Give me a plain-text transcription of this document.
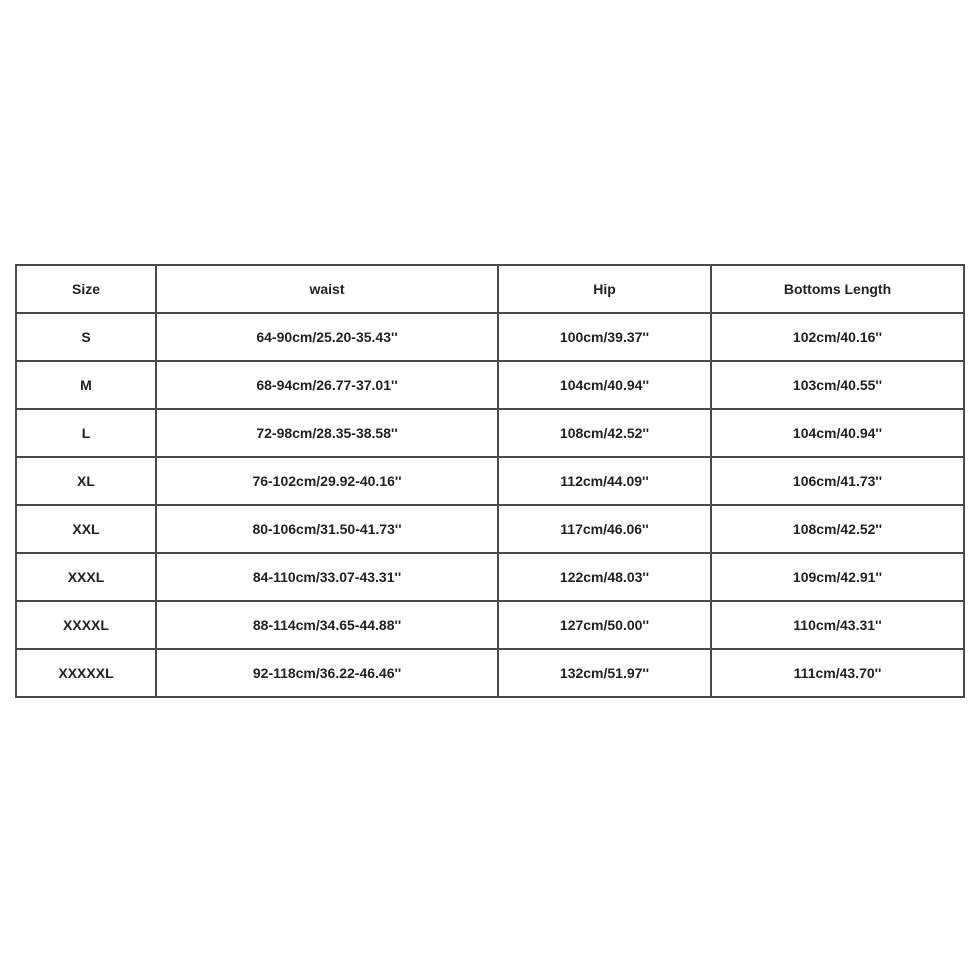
Size	waist	Hip	Bottoms Length
S	64-90cm/25.20-35.43''	100cm/39.37''	102cm/40.16''
M	68-94cm/26.77-37.01''	104cm/40.94''	103cm/40.55''
L	72-98cm/28.35-38.58''	108cm/42.52''	104cm/40.94''
XL	76-102cm/29.92-40.16''	112cm/44.09''	106cm/41.73''
XXL	80-106cm/31.50-41.73''	117cm/46.06''	108cm/42.52''
XXXL	84-110cm/33.07-43.31''	122cm/48.03''	109cm/42.91''
XXXXL	88-114cm/34.65-44.88''	127cm/50.00''	110cm/43.31''
XXXXXL	92-118cm/36.22-46.46''	132cm/51.97''	111cm/43.70''
